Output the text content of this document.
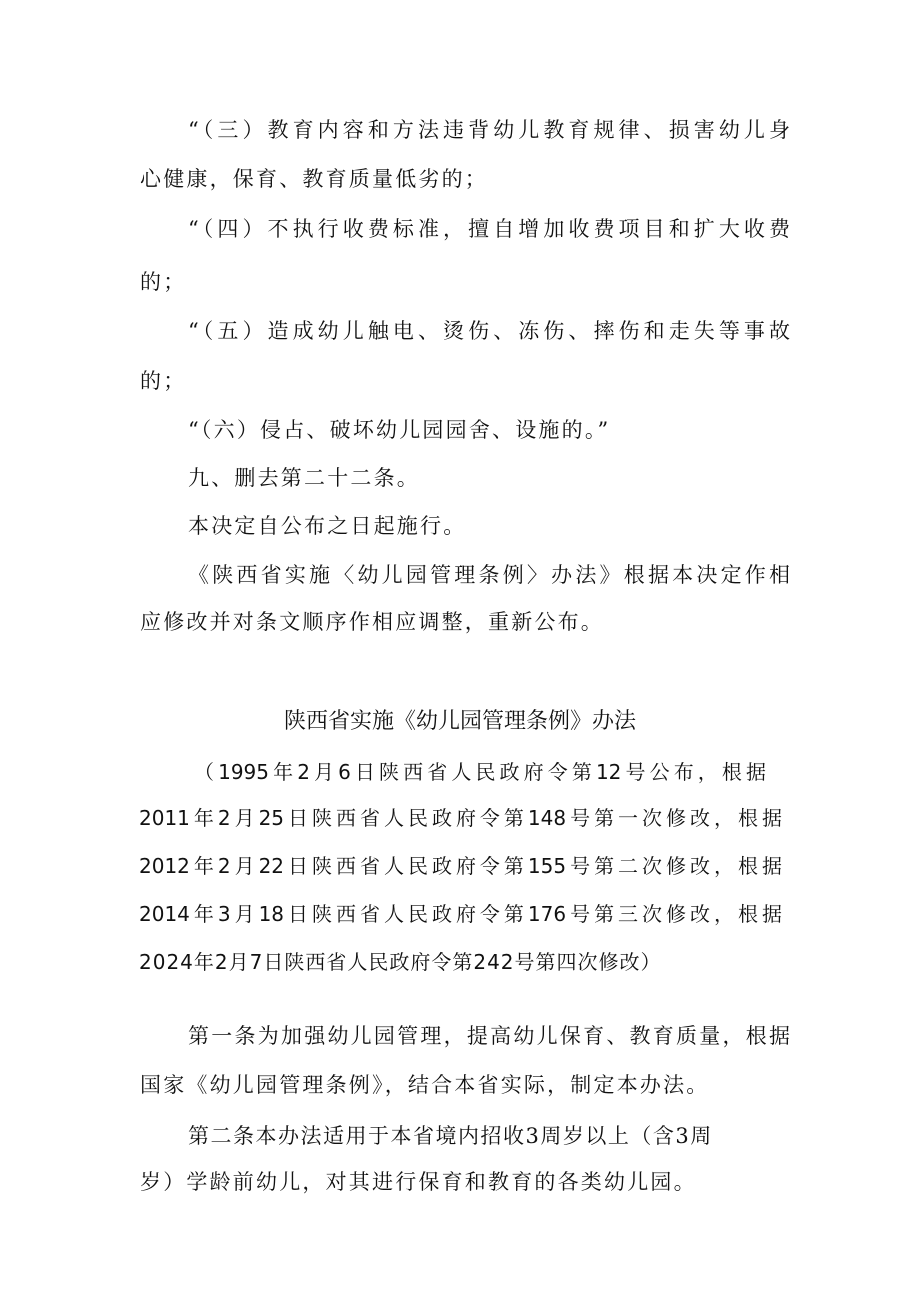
“（三）教育内容和方法违背幼儿教育规律、损害幼儿身
心健康，保育、教育质量低劣的；
“（四）不执行收费标准，擅自增加收费项目和扩大收费
的；
“（五）造成幼儿触电、烫伤、冻伤、摔伤和走失等事故
的；
“（六）侵占、破坏幼儿园园舍、设施的。”
九、删去第二十二条。
本决定自公布之日起施行。
《陕西省实施〈幼儿园管理条例〉办法》根据本决定作相
应修改并对条文顺序作相应调整，重新公布。
陕西省实施《幼儿园管理条例》办法
（1995年2月6日陕西省人民政府令第12号公布，根据
2011年2月25日陕西省人民政府令第148号第一次修改，根据
2012年2月22日陕西省人民政府令第155号第二次修改，根据
2014年3月18日陕西省人民政府令第176号第三次修改，根据
2024年2月7日陕西省人民政府令第242号第四次修改）
第一条为加强幼儿园管理，提高幼儿保育、教育质量，根据
国家《幼儿园管理条例》，结合本省实际，制定本办法。
第二条本办法适用于本省境内招收3周岁以上（含3周
岁）学龄前幼儿，对其进行保育和教育的各类幼儿园。
